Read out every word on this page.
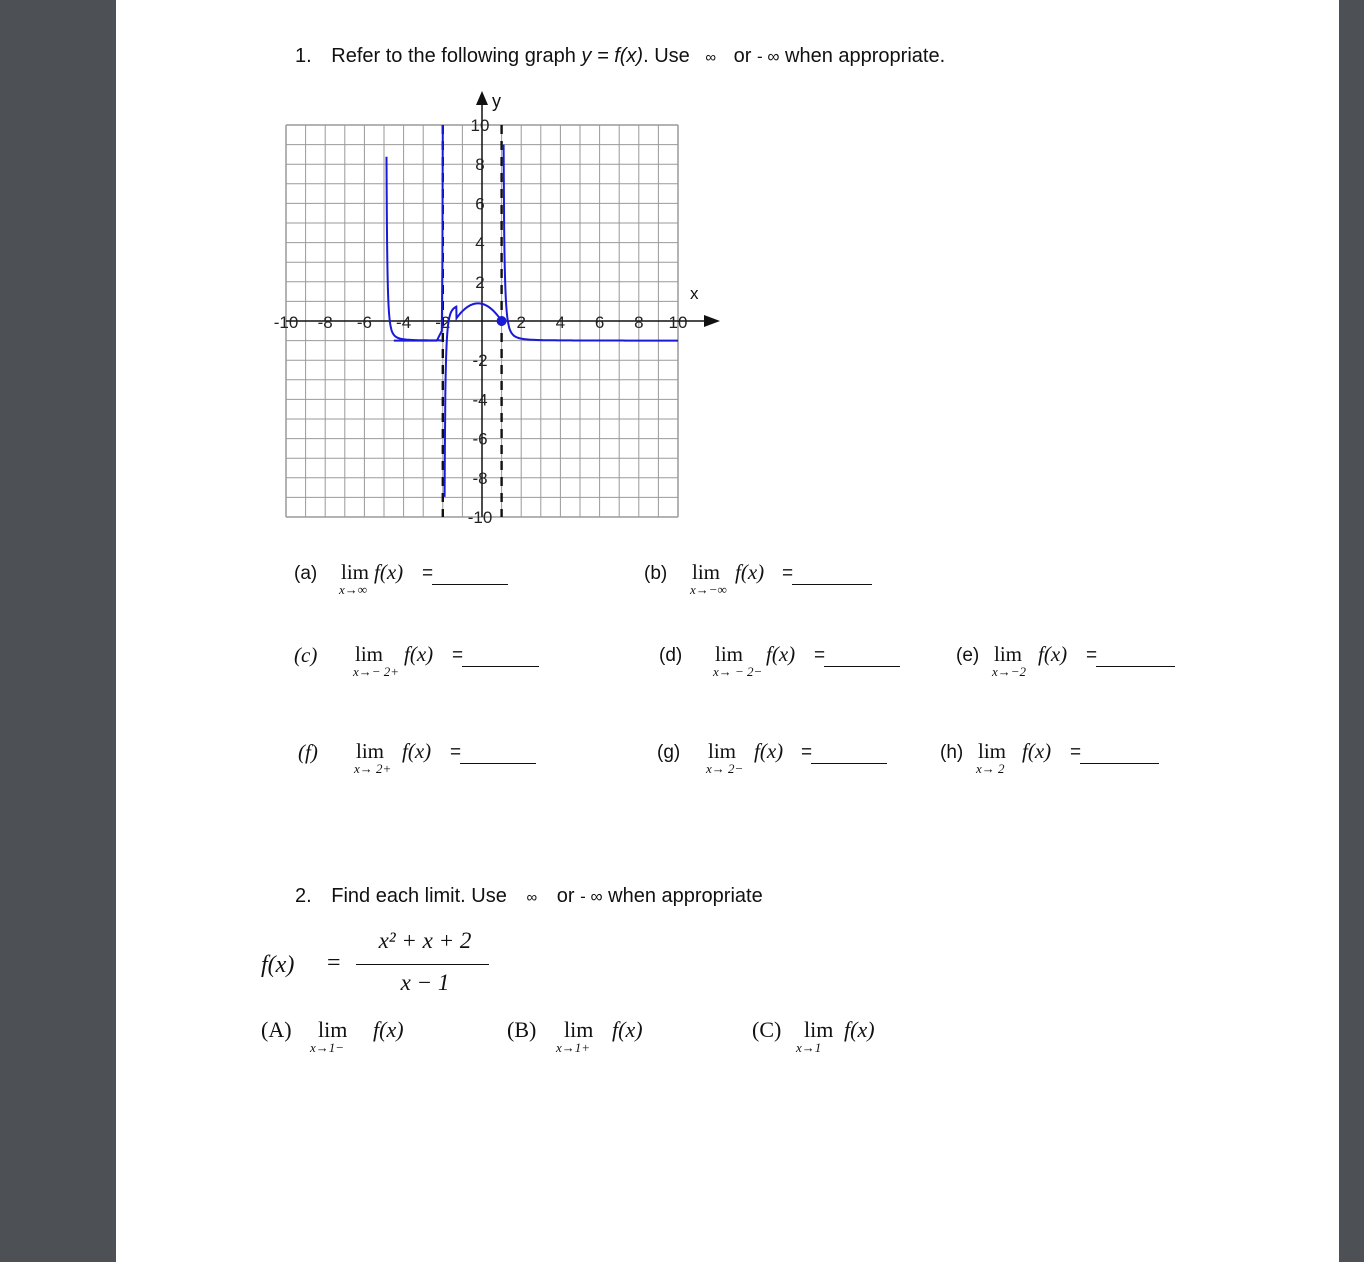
1. Refer to the following graph y = f(x). Use ∞ or - ∞ when appropriate.
x
y
-10 -8 -6 -4 -2	2 4 6 8 10
10
8
6
4
2
-2
-4
-6
-8
-10
(a) lim
x→∞
f(x) =	(b) lim
x→−∞
f(x) =
(c) lim
x→− 2+
f(x) =	(d) lim
x→ − 2−
f(x) =	(e) lim
x→−2
f(x) =
(f) lim
x→ 2+
f(x) =	(g) lim
x→ 2−
f(x) =	(h) lim
x→ 2
f(x) =
2. Find each limit. Use ∞ or - ∞ when appropriate
f(x) =
x² + x + 2
x − 1
(A) lim
x→1−
f(x)	(B) lim
x→1+
f(x)	(C) lim
x→1
f(x)
